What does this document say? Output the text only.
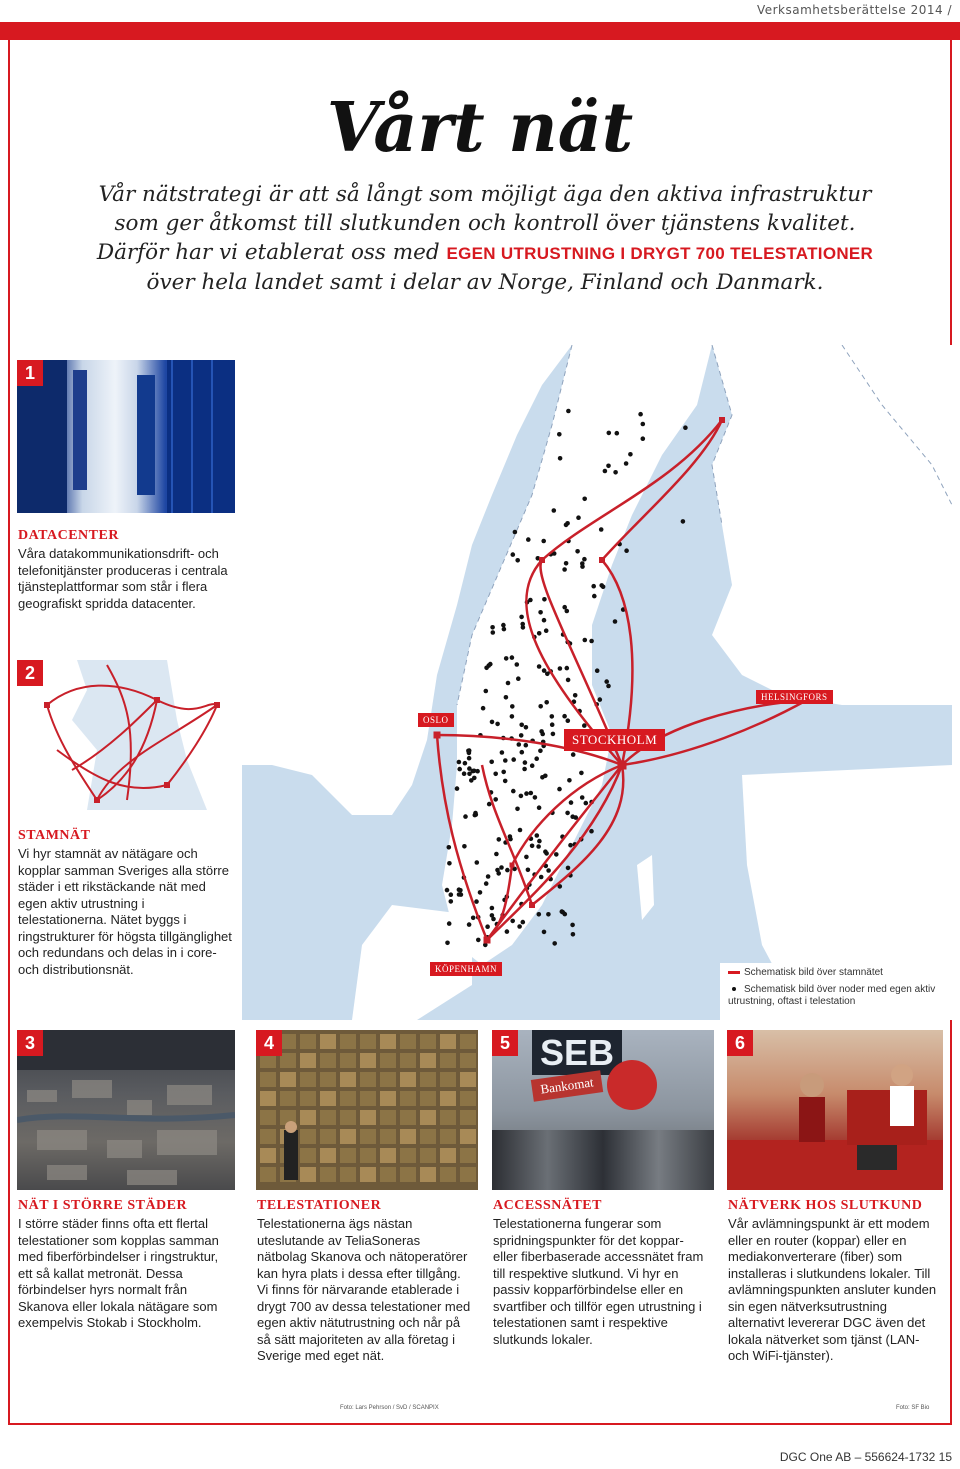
Verksamhetsberättelse 2014 /
Vårt nät
Vår nätstrategi är att så långt som möjligt äga den aktiva infrastruktur som ger åtkomst till slutkunden och kontroll över tjänstens kvalitet. Därför har vi etablerat oss med EGEN UTRUSTNING I DRYGT 700 TELESTATIONER över hela landet samt i delar av Norge, Finland och Danmark.
1
DATACENTER
Våra datakommunikationsdrift- och telefonitjänster produceras i centrala tjänsteplattformar som står i flera geografiskt spridda datacenter.
2
STAMNÄT
Vi hyr stamnät av nätägare och kopplar samman Sveriges alla större städer i ett rikstäckande nät med egen aktiv utrustning i telestationerna. Nätet byggs i ringstrukturer för högsta tillgänglighet och redundans och delas in i core- och distributionsnät.
OSLO
STOCKHOLM
HELSINGFORS
KÖPENHAMN	Schematisk bild över stamnätet
Schematisk bild över noder med egen aktiv utrustning, oftast i telestation
3	4	SEB
Bankomat
5	6
NÄT I STÖRRE STÄDER
I större städer finns ofta ett flertal telestationer som kopplas samman med fiberförbindelser i ringstruktur, ett så kallat metronät. Dessa förbindelser hyrs normalt från Skanova eller lokala nätägare som exempelvis Stokab i Stockholm.
TELESTATIONER
Telestationerna ägs nästan uteslutande av TeliaSoneras nätbolag Skanova och nätoperatörer kan hyra plats i dessa efter tillgång. Vi finns för närvarande etablerade i drygt 700 av dessa telestationer med egen aktiv nätutrustning och når på så sätt majoriteten av alla företag i Sverige med eget nät.
Foto: Lars Pehrson / SvD / SCANPIX
ACCESSNÄTET
Telestationerna fungerar som spridningspunkter för det koppar- eller fiberbaserade accessnätet fram till respektive slutkund. Vi hyr en passiv kopparförbindelse eller en svartfiber och tillför egen utrustning i telestationen samt i respektive slutkunds lokaler.
NÄTVERK HOS SLUTKUND
Vår avlämningspunkt är ett modem eller en router (koppar) eller en mediakonverterare (fiber) som installeras i slutkundens lokaler. Till avlämningspunkten ansluter kunden sin egen nätverksutrustning alternativt levererar DGC även det lokala nätverket som tjänst (LAN- och WiFi-tjänster).
Foto: SF Bio
DGC One AB – 556624-1732 15
